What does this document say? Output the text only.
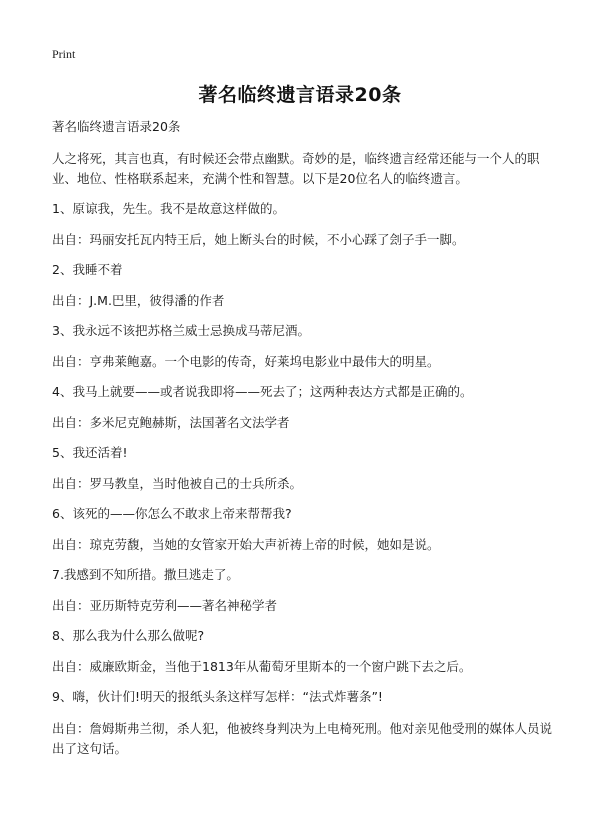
Print
著名临终遗言语录20条

著名临终遗言语录20条

人之将死，其言也真，有时候还会带点幽默。奇妙的是，临终遗言经常还能与一个人的职业、地位、性格联系起来，充满个性和智慧。以下是20位名人的临终遗言。

1、原谅我，先生。我不是故意这样做的。

出自：玛丽安托瓦内特王后，她上断头台的时候，不小心踩了刽子手一脚。

2、我睡不着

出自：J.M.巴里，彼得潘的作者

3、我永远不该把苏格兰威士忌换成马蒂尼酒。

出自：亨弗莱鲍嘉。一个电影的传奇，好莱坞电影业中最伟大的明星。

4、我马上就要——或者说我即将——死去了；这两种表达方式都是正确的。

出自：多米尼克鲍赫斯，法国著名文法学者

5、我还活着!

出自：罗马教皇，当时他被自己的士兵所杀。

6、该死的——你怎么不敢求上帝来帮帮我?

出自：琼克劳馥，当她的女管家开始大声祈祷上帝的时候，她如是说。

7.我感到不知所措。撒旦逃走了。

出自：亚历斯特克劳利——著名神秘学者

8、那么我为什么那么做呢?

出自：威廉欧斯金，当他于1813年从葡萄牙里斯本的一个窗户跳下去之后。

9、嗨，伙计们!明天的报纸头条这样写怎样：“法式炸薯条”!

出自：詹姆斯弗兰彻，杀人犯，他被终身判决为上电椅死刑。他对亲见他受刑的媒体人员说出了这句话。
